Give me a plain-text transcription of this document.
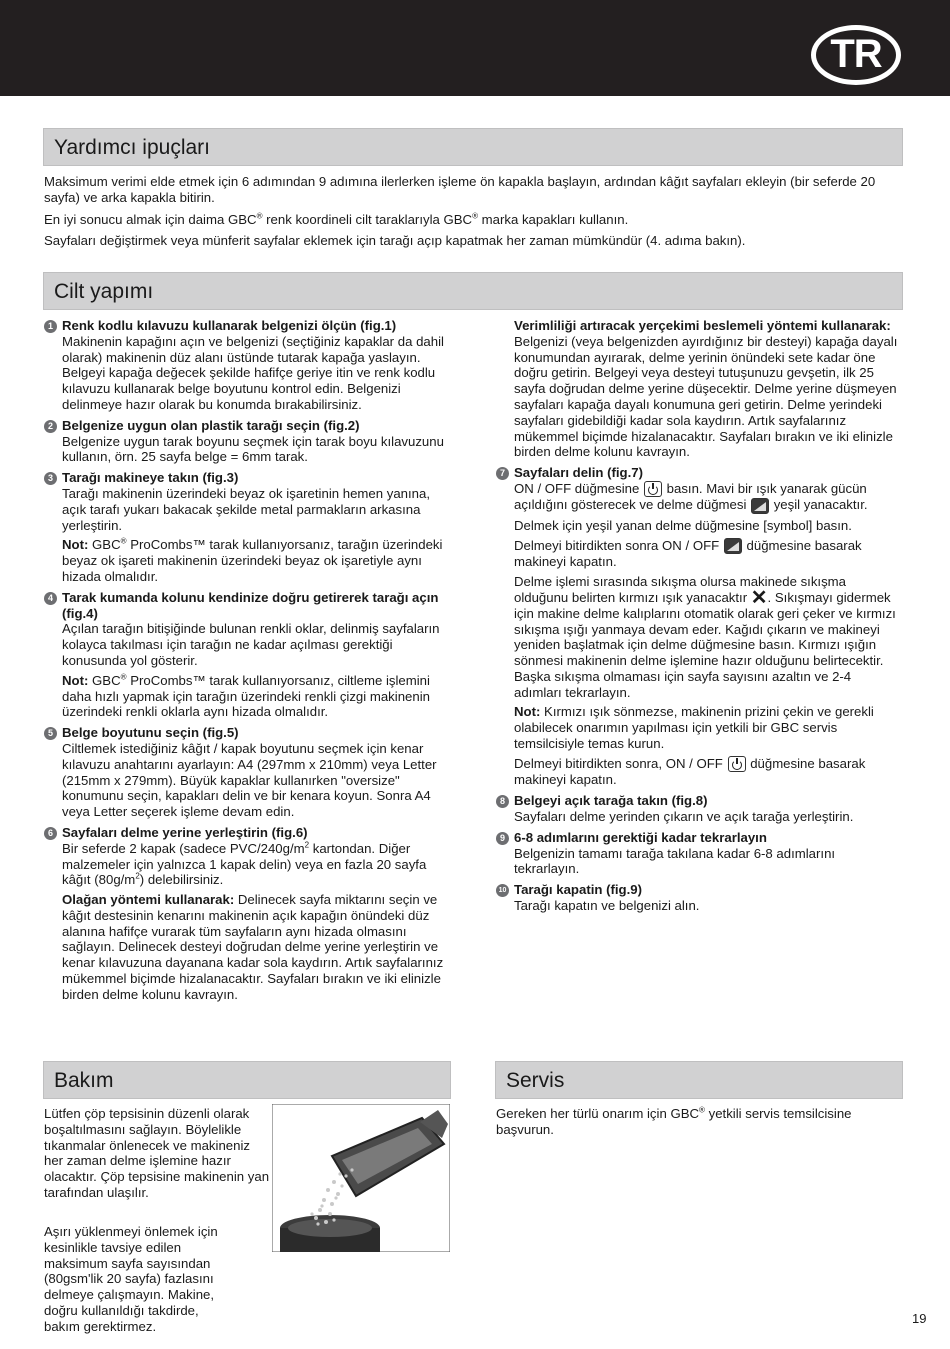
TR
Yardımcı ipuçları

Maksimum verimi elde etmek için 6 adımından 9 adımına ilerlerken işleme ön kapakla başlayın, ardından kâğıt sayfaları ekleyin (bir seferde 20 sayfa) ve arka kapakla bitirin.

En iyi sonucu almak için daima GBC® renk koordineli cilt taraklarıyla GBC® marka kapakları kullanın.

Sayfaları değiştirmek veya münferit sayfalar eklemek için tarağı açıp kapatmak her zaman mümkündür (4. adıma bakın).

Cilt yapımı
1 Renk kodlu kılavuzu kullanarak belgenizi ölçün (fig.1)

Makinenin kapağını açın ve belgenizi (seçtiğiniz kapaklar da dahil olarak) makinenin düz alanı üstünde tutarak kapağa yaslayın. Belgeyi kapağa değecek şekilde hafifçe geriye itin ve renk kodlu kılavuzu kullanarak belge boyutunu kontrol edin. Belgenizi delinmeye hazır olarak bu konumda bırakabilirsiniz.

2 Belgenize uygun olan plastik tarağı seçin (fig.2)

Belgenize uygun tarak boyunu seçmek için tarak boyu kılavuzunu kullanın, örn. 25 sayfa belge = 6mm tarak.

3 Tarağı makineye takın (fig.3)

Tarağı makinenin üzerindeki beyaz ok işaretinin hemen yanına, açık tarafı yukarı bakacak şekilde metal parmakların arkasına yerleştirin.

Not: GBC® ProCombs™ tarak kullanıyorsanız, tarağın üzerindeki beyaz ok işareti makinenin üzerindeki beyaz ok işaretiyle aynı hizada olmalıdır.

4 Tarak kumanda kolunu kendinize doğru getirerek tarağı açın (fig.4)

Açılan tarağın bitişiğinde bulunan renkli oklar, delinmiş sayfaların kolayca takılması için tarağın ne kadar açılması gerektiği konusunda yol gösterir.

Not: GBC® ProCombs™ tarak kullanıyorsanız, ciltleme işlemini daha hızlı yapmak için tarağın üzerindeki renkli çizgi makinenin üzerindeki renkli oklarla aynı hizada olmalıdır.

5 Belge boyutunu seçin (fig.5)

Ciltlemek istediğiniz kâğıt / kapak boyutunu seçmek için kenar kılavuzu anahtarını ayarlayın: A4 (297mm x 210mm) veya Letter (215mm x 279mm). Büyük kapaklar kullanırken "oversize" konumunu seçin, kapakları delin ve bir kenara koyun. Sonra A4 veya Letter seçerek işleme devam edin.

6 Sayfaları delme yerine yerleştirin (fig.6)

Bir seferde 2 kapak (sadece PVC/$240g/m^2$ kartondan. Diğer malzemeler için yalnızca 1 kapak delin) veya en fazla 20 sayfa kâğıt $(80g/m^2)$ delebilirsiniz.

Olağan yöntemi kullanarak: Delinecek sayfa miktarını seçin ve kâğıt destesinin kenarını makinenin açık kapağın önündeki düz alanına hafifçe vurarak tüm sayfaların aynı hizada olmasını sağlayın. Delinecek desteyi doğrudan delme yerine yerleştirin ve kenar kılavuzuna dayanana kadar sola kaydırın. Artık sayfalarınız mükemmel biçimde hizalanacaktır. Sayfaları bırakın ve iki elinizle birden delme kolunu kavrayın.

Verimliliği artıracak yerçekimi beslemeli yöntemi kullanarak: Belgenizi (veya belgenizden ayırdığınız bir desteyi) kapağa dayalı konumundan ayırarak, delme yerinin önündeki sete kadar öne doğru getirin. Belgeyi veya desteyi tutuşunuzu gevşetin, ilk 25 sayfa doğrudan delme yerine düşecektir. Delme yerine düşmeyen sayfaları kapağa dayalı konumuna geri getirin. Delme yerindeki sayfaları gidebildiği kadar sola kaydırın. Artık sayfalarınız mükemmel biçimde hizalanacaktır. Sayfaları bırakın ve iki elinizle birden delme kolunu kavrayın.

7 Sayfaları delin (fig.7)

ON / OFF düğmesine  basın. Mavi bir ışık yanarak gücün açıldığını gösterecek ve delme düğmesi  yeşil yanacaktır.

Delmek için yeşil yanan delme düğmesine [symbol] basın.

Delmeyi bitirdikten sonra ON / OFF  düğmesine basarak makineyi kapatın.

Delme işlemi sırasında sıkışma olursa makinede sıkışma olduğunu belirten kırmızı ışık yanacaktır ✕. Sıkışmayı gidermek için makine delme kalıplarını otomatik olarak geri çeker ve kırmızı sıkışma ışığı yanmaya devam eder. Kağıdı çıkarın ve makineyi yeniden başlatmak için delme düğmesine basın. Kırmızı ışığın sönmesi makinenin delme işlemine hazır olduğunu belirtecektir. Başka sıkışma olmaması için sayfa sayısını azaltın ve 2-4 adımları tekrarlayın.

Not: Kırmızı ışık sönmezse, makinenin prizini çekin ve gerekli olabilecek onarımın yapılması için yetkili bir GBC servis temsilcisiyle temas kurun.

Delmeyi bitirdikten sonra, ON / OFF  düğmesine basarak makineyi kapatın.

8 Belgeyi açık tarağa takın (fig.8)

Sayfaları delme yerinden çıkarın ve açık tarağa yerleştirin.

9 6-8 adımlarını gerektiği kadar tekrarlayın

Belgenizin tamamı tarağa takılana kadar 6-8 adımlarını tekrarlayın.

10 Tarağı kapatin (fig.9)

Tarağı kapatın ve belgenizi alın.

Bakım
Lütfen çöp tepsisinin düzenli olarak boşaltılmasını sağlayın. Böylelikle tıkanmalar önlenecek ve makineniz her zaman delme işlemine hazır olacaktır. Çöp tepsisine makinenin yan tarafından ulaşılır.
Aşırı yüklenmeyi önlemek için kesinlikle tavsiye edilen maksimum sayfa sayısından (80gsm'lik 20 sayfa) fazlasını delmeye çalışmayın. Makine, doğru kullanıldığı takdirde, bakım gerektirmez.
Servis

Gereken her türlü onarım için GBC® yetkili servis temsilcisine başvurun.

19
